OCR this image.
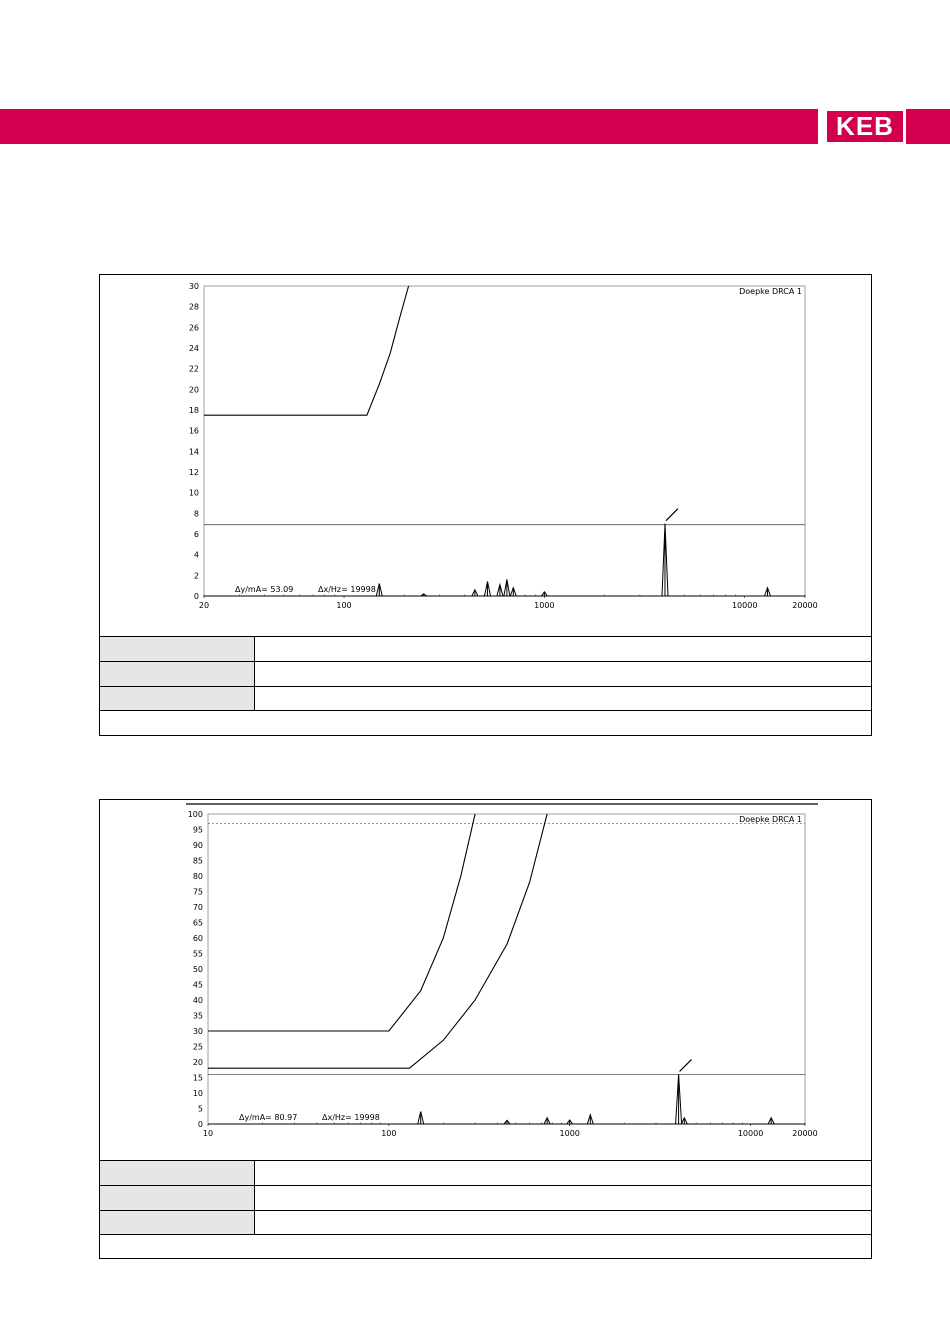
KEB
0
2
4
6
8
10
12
14
16
18
20
22
24
26
28
30
20	100	1000	10000	20000
Doepke DRCA 1
Δy/mA= 53.09	Δx/Hz= 19998
0
5
10
15
20
25
30
35
40
45
50
55
60
65
70
75
80
85
90
95
100
10	100	1000	10000	20000
Doepke DRCA 1
Δy/mA= 80.97	Δx/Hz= 19998
